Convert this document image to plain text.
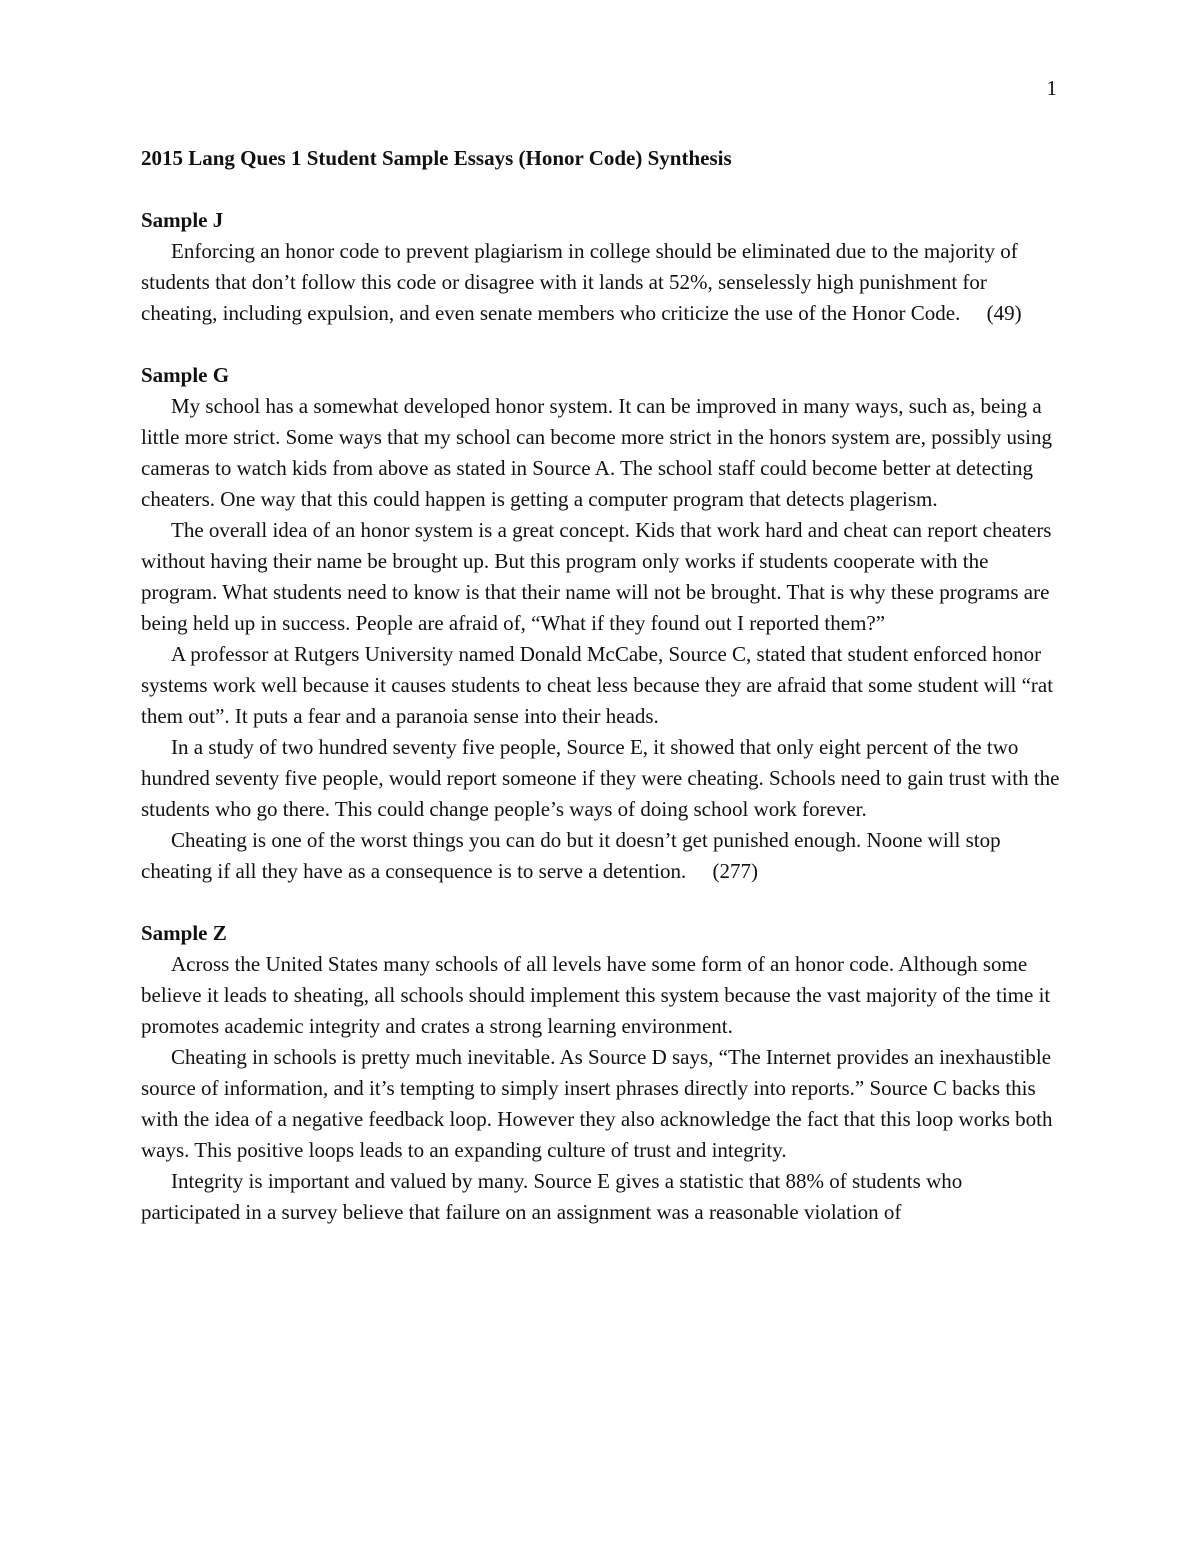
1

2015 Lang Ques 1 Student Sample Essays (Honor Code) Synthesis

Sample J

Enforcing an honor code to prevent plagiarism in college should be eliminated due to the majority of students that don’t follow this code or disagree with it lands at 52%, senselessly high punishment for cheating, including expulsion, and even senate members who criticize the use of the Honor Code.     (49)

Sample G

My school has a somewhat developed honor system. It can be improved in many ways, such as, being a little more strict. Some ways that my school can become more strict in the honors system are, possibly using cameras to watch kids from above as stated in Source A. The school staff could become better at detecting cheaters. One way that this could happen is getting a computer program that detects plagerism.

The overall idea of an honor system is a great concept. Kids that work hard and cheat can report cheaters without having their name be brought up. But this program only works if students cooperate with the program. What students need to know is that their name will not be brought. That is why these programs are being held up in success. People are afraid of, “What if they found out I reported them?”

A professor at Rutgers University named Donald McCabe, Source C, stated that student enforced honor systems work well because it causes students to cheat less because they are afraid that some student will “rat them out”. It puts a fear and a paranoia sense into their heads.

In a study of two hundred seventy five people, Source E, it showed that only eight percent of the two hundred seventy five people, would report someone if they were cheating. Schools need to gain trust with the students who go there. This could change people’s ways of doing school work forever.

Cheating is one of the worst things you can do but it doesn’t get punished enough. Noone will stop cheating if all they have as a consequence is to serve a detention.     (277)

Sample Z

Across the United States many schools of all levels have some form of an honor code. Although some believe it leads to sheating, all schools should implement this system because the vast majority of the time it promotes academic integrity and crates a strong learning environment.

Cheating in schools is pretty much inevitable. As Source D says, “The Internet provides an inexhaustible source of information, and it’s tempting to simply insert phrases directly into reports.” Source C backs this with the idea of a negative feedback loop. However they also acknowledge the fact that this loop works both ways. This positive loops leads to an expanding culture of trust and integrity.

Integrity is important and valued by many. Source E gives a statistic that 88% of students who participated in a survey believe that failure on an assignment was a reasonable violation of
